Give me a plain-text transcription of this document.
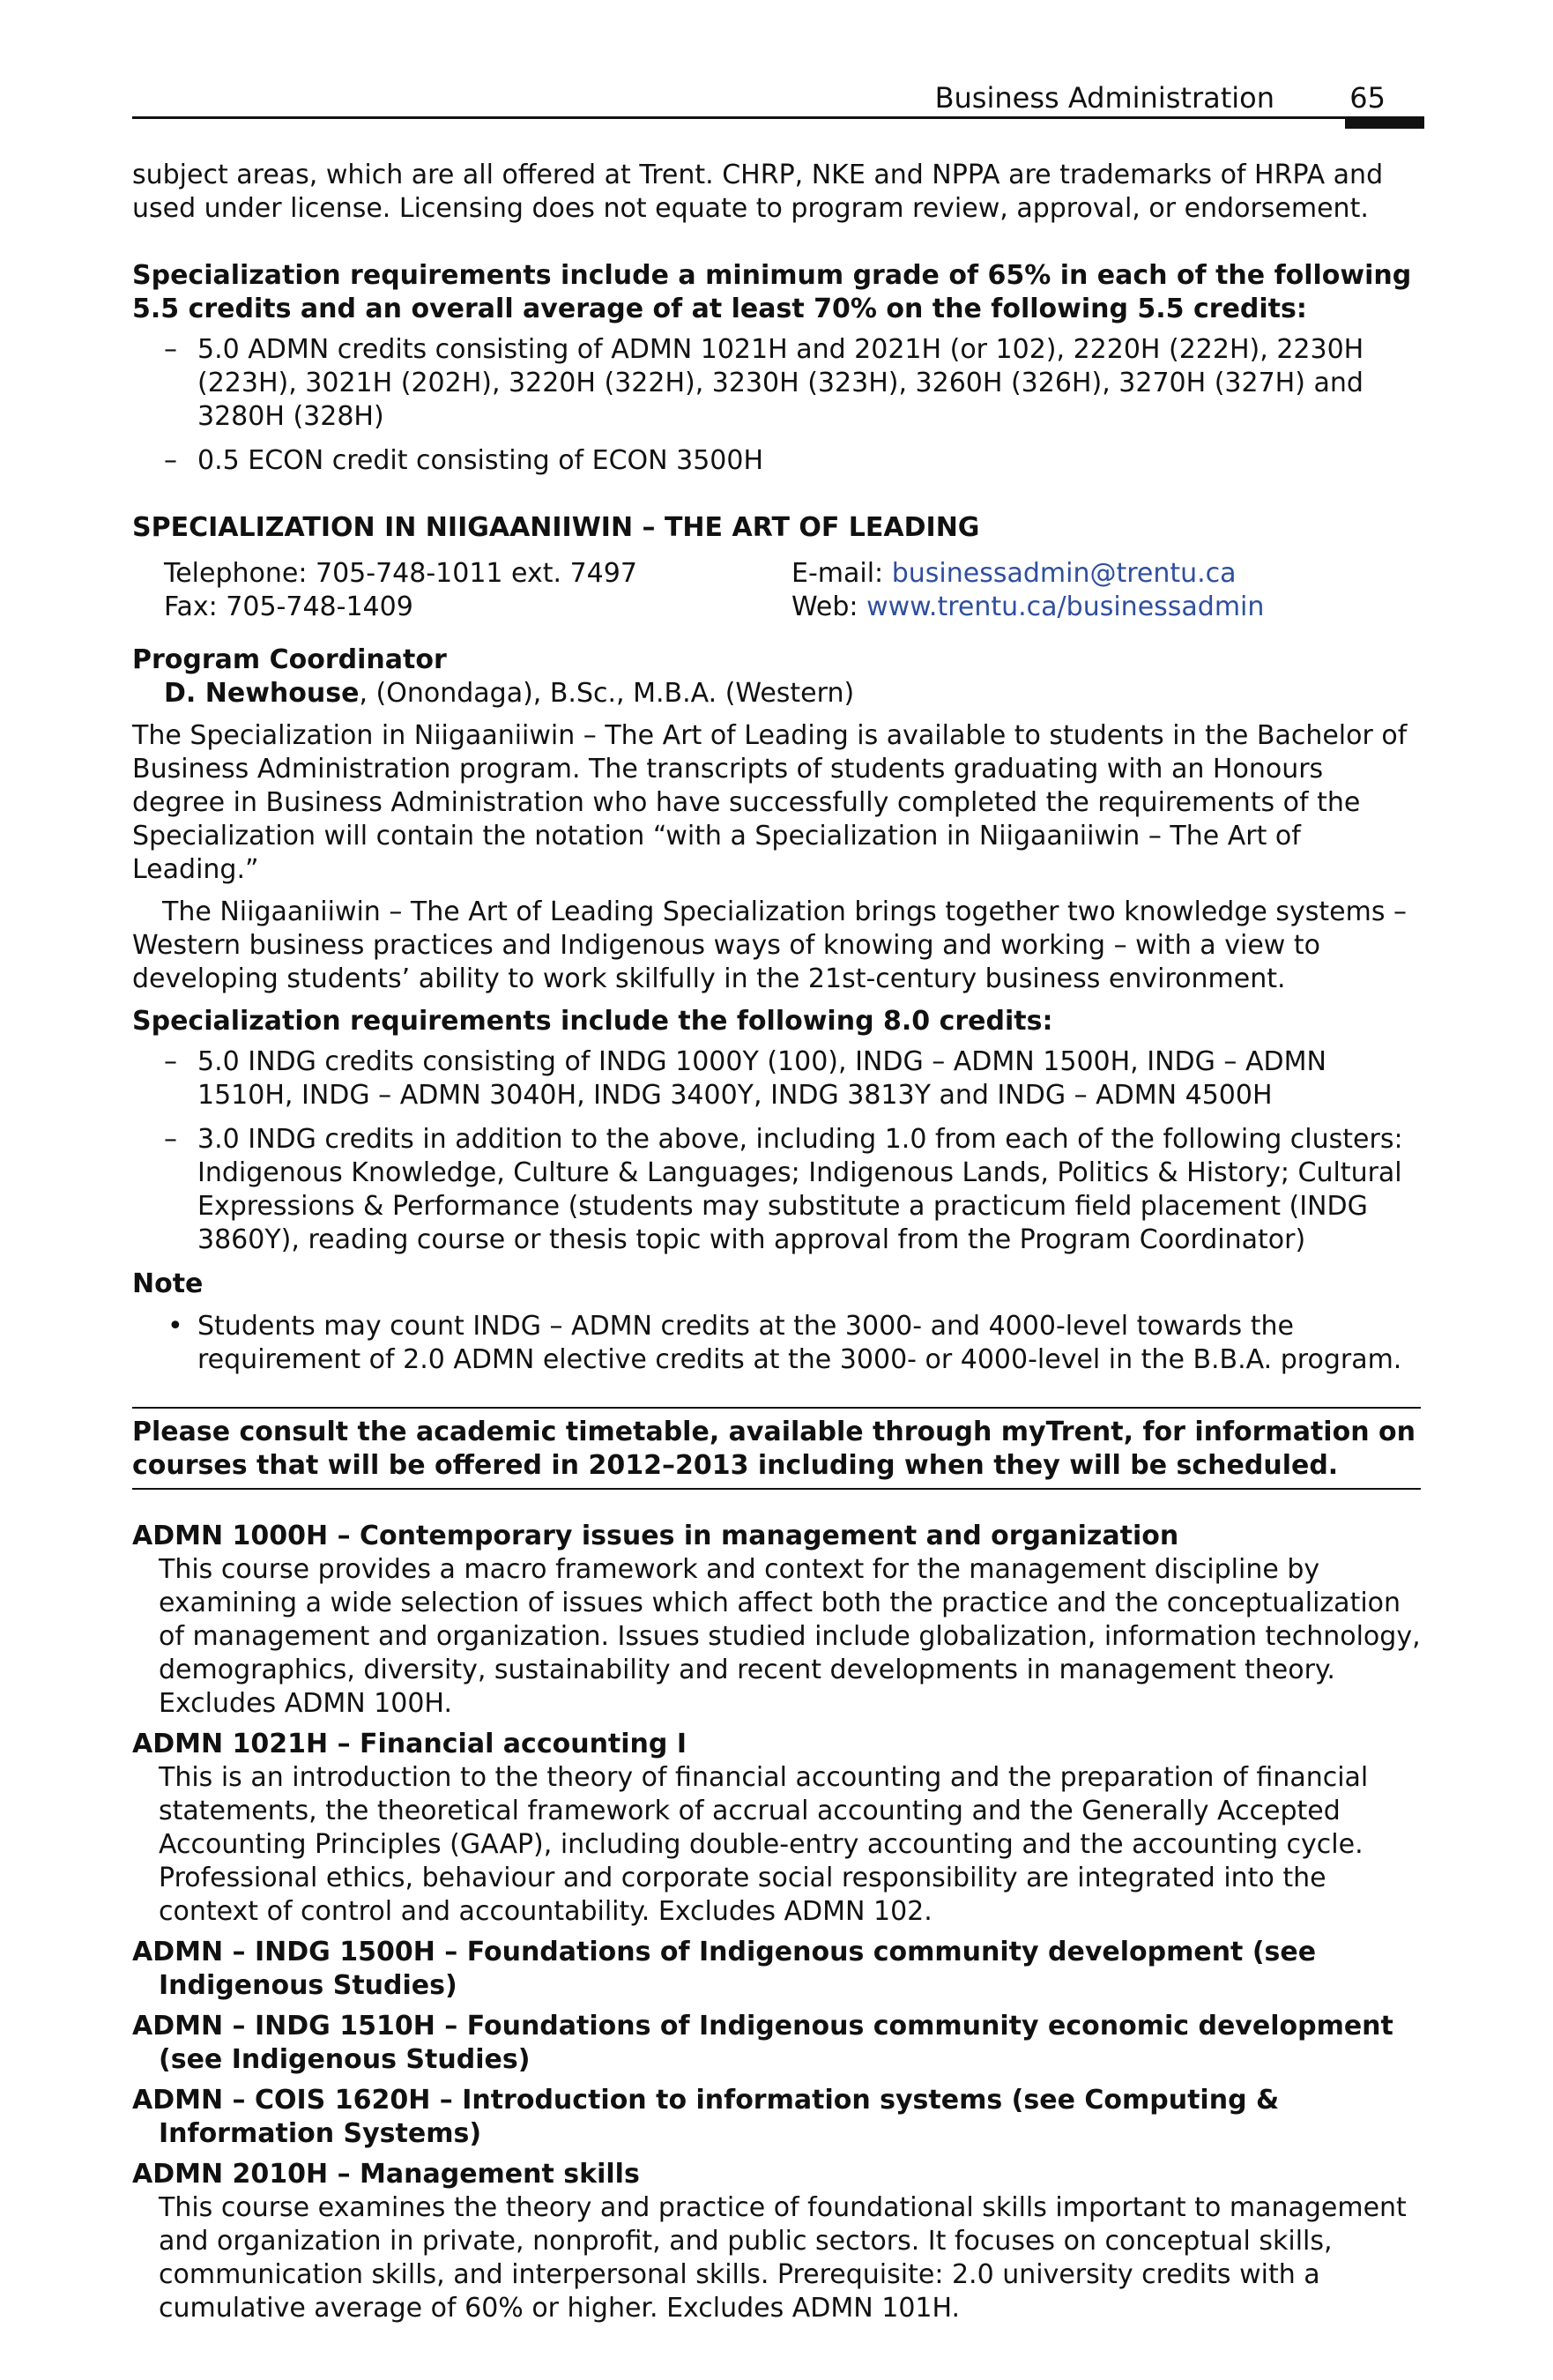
Business Administration	65

subject areas, which are all offered at Trent. CHRP, NKE and NPPA are trademarks of HRPA and used under license. Licensing does not equate to program review, approval, or endorsement.

Specialization requirements include a minimum grade of 65% in each of the following 5.5 credits and an overall average of at least 70% on the following 5.5 credits:

– 5.0 ADMN credits consisting of ADMN 1021H and 2021H (or 102), 2220H (222H), 2230H (223H), 3021H (202H), 3220H (322H), 3230H (323H), 3260H (326H), 3270H (327H) and 3280H (328H)
– 0.5 ECON credit consisting of ECON 3500H

SPECIALIZATION IN NIIGAANIIWIN – THE ART OF LEADING

Telephone: 705-748-1011 ext. 7497
Fax: 705-748-1409
E-mail: businessadmin@trentu.ca
Web: www.trentu.ca/businessadmin

Program Coordinator

D. Newhouse, (Onondaga), B.Sc., M.B.A. (Western)

The Specialization in Niigaaniiwin – The Art of Leading is available to students in the Bachelor of Business Administration program. The transcripts of students graduating with an Honours degree in Business Administration who have successfully completed the requirements of the Specialization will contain the notation “with a Specialization in Niigaaniiwin – The Art of Leading.”

The Niigaaniiwin – The Art of Leading Specialization brings together two knowledge systems – Western business practices and Indigenous ways of knowing and working – with a view to developing students’ ability to work skilfully in the 21st-century business environment.

Specialization requirements include the following 8.0 credits:

– 5.0 INDG credits consisting of INDG 1000Y (100), INDG – ADMN 1500H, INDG – ADMN 1510H, INDG – ADMN 3040H, INDG 3400Y, INDG 3813Y and INDG – ADMN 4500H
– 3.0 INDG credits in addition to the above, including 1.0 from each of the following clusters: Indigenous Knowledge, Culture & Languages; Indigenous Lands, Politics & History; Cultural Expressions & Performance (students may substitute a practicum field placement (INDG 3860Y), reading course or thesis topic with approval from the Program Coordinator)

Note

• Students may count INDG – ADMN credits at the 3000- and 4000-level towards the requirement of 2.0 ADMN elective credits at the 3000- or 4000-level in the B.B.A. program.
Please consult the academic timetable, available through myTrent, for information on courses that will be offered in 2012–2013 including when they will be scheduled.
ADMN 1000H – Contemporary issues in management and organization
This course provides a macro framework and context for the management discipline by examining a wide selection of issues which affect both the practice and the conceptualization of management and organization. Issues studied include globalization, information technology, demographics, diversity, sustainability and recent developments in management theory. Excludes ADMN 100H.
ADMN 1021H – Financial accounting I
This is an introduction to the theory of financial accounting and the preparation of financial statements, the theoretical framework of accrual accounting and the Generally Accepted Accounting Principles (GAAP), including double-entry accounting and the accounting cycle. Professional ethics, behaviour and corporate social responsibility are integrated into the context of control and accountability. Excludes ADMN 102.
ADMN – INDG 1500H – Foundations of Indigenous community development (see Indigenous Studies)
ADMN – INDG 1510H – Foundations of Indigenous community economic development (see Indigenous Studies)
ADMN – COIS 1620H – Introduction to information systems (see Computing & Information Systems)
ADMN 2010H – Management skills
This course examines the theory and practice of foundational skills important to management and organization in private, nonprofit, and public sectors. It focuses on conceptual skills, communication skills, and interpersonal skills. Prerequisite: 2.0 university credits with a cumulative average of 60% or higher. Excludes ADMN 101H.
